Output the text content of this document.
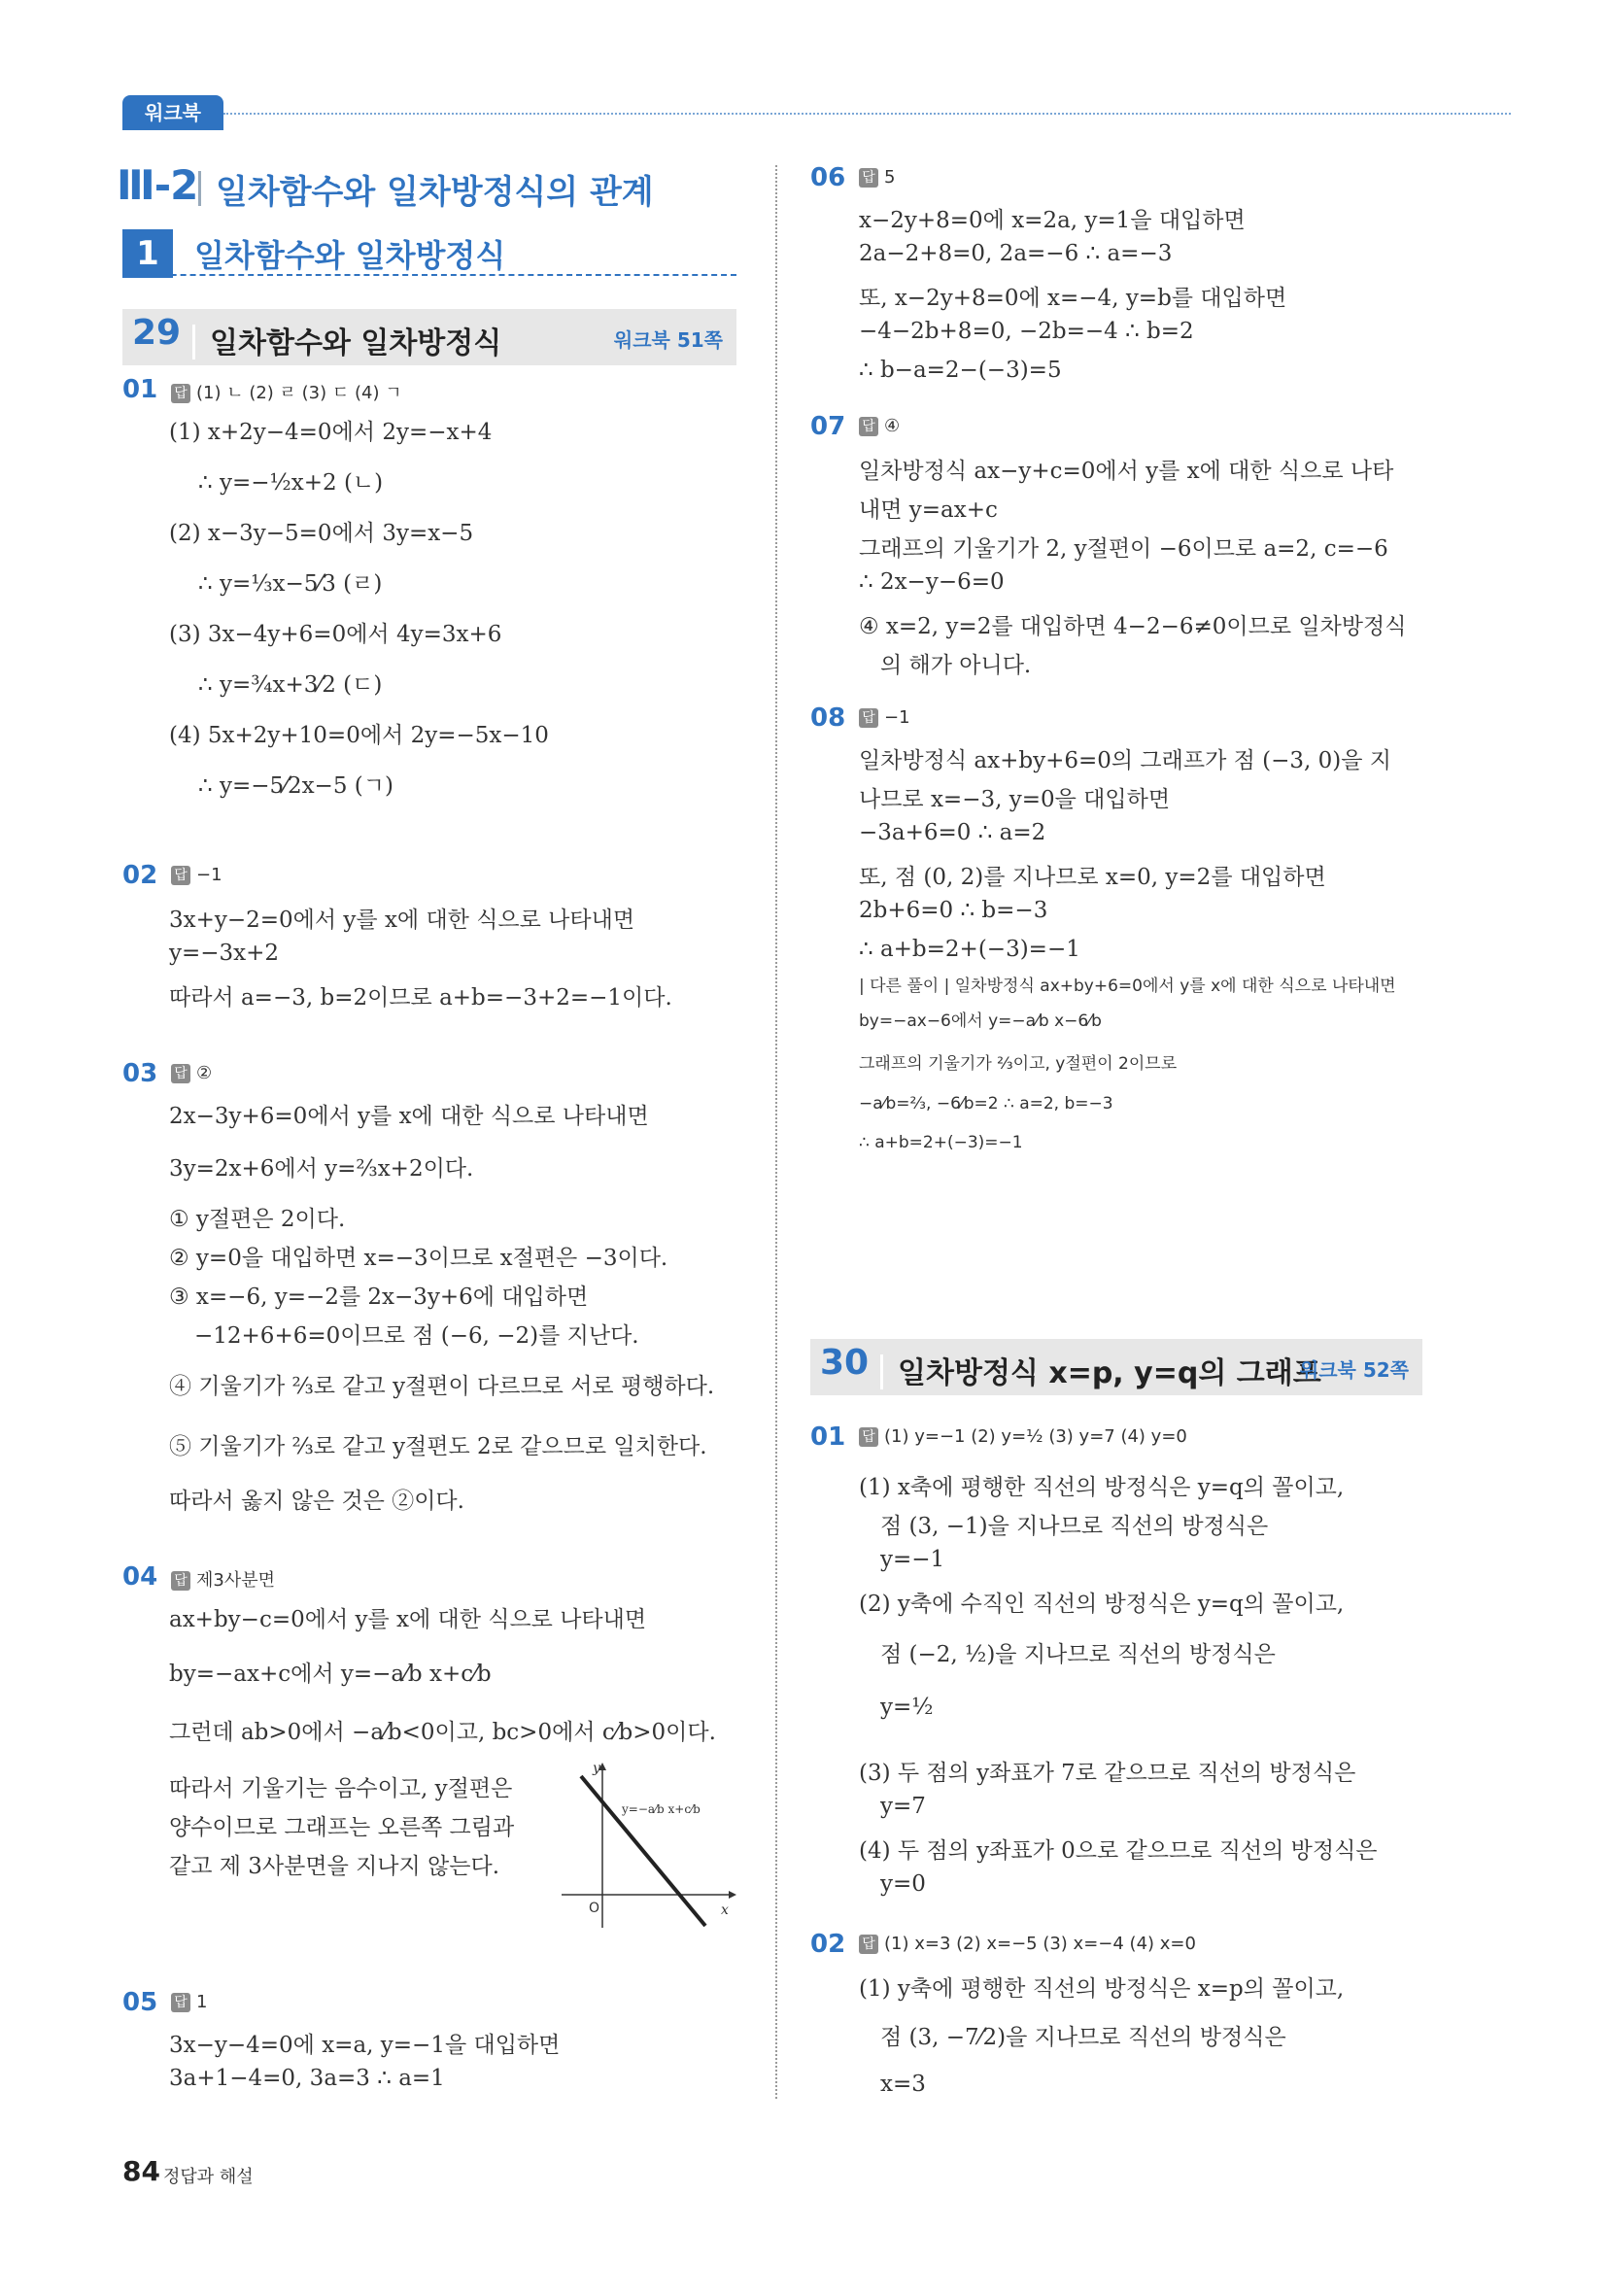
워크북
Ⅲ-2 일차함수와 일차방정식의 관계
1	일차함수와 일차방정식
29 일차함수와 일차방정식	워크북 51쪽
01 답 (1) ㄴ (2) ㄹ (3) ㄷ (4) ㄱ
(1) x+2y−4=0에서 2y=−x+4
∴ y=−½x+2 (ㄴ)
(2) x−3y−5=0에서 3y=x−5
∴ y=⅓x−5⁄3 (ㄹ)
(3) 3x−4y+6=0에서 4y=3x+6
∴ y=¾x+3⁄2 (ㄷ)
(4) 5x+2y+10=0에서 2y=−5x−10
∴ y=−5⁄2x−5 (ㄱ)
02 답 −1
3x+y−2=0에서 y를 x에 대한 식으로 나타내면
y=−3x+2
따라서 a=−3, b=2이므로 a+b=−3+2=−1이다.
03 답 ②
2x−3y+6=0에서 y를 x에 대한 식으로 나타내면
3y=2x+6에서 y=⅔x+2이다.
① y절편은 2이다.
② y=0을 대입하면 x=−3이므로 x절편은 −3이다.
③ x=−6, y=−2를 2x−3y+6에 대입하면
−12+6+6=0이므로 점 (−6, −2)를 지난다.
④ 기울기가 ⅔로 같고 y절편이 다르므로 서로 평행하다.
⑤ 기울기가 ⅔로 같고 y절편도 2로 같으므로 일치한다.
따라서 옳지 않은 것은 ②이다.
04 답 제3사분면
ax+by−c=0에서 y를 x에 대한 식으로 나타내면
by=−ax+c에서 y=−a⁄b x+c⁄b
그런데 ab>0에서 −a⁄b<0이고, bc>0에서 c⁄b>0이다.
따라서 기울기는 음수이고, y절편은
양수이므로 그래프는 오른쪽 그림과
같고 제 3사분면을 지나지 않는다.
y
x
O
y=−a⁄b x+c⁄b
05 답 1
3x−y−4=0에 x=a, y=−1을 대입하면
3a+1−4=0, 3a=3 ∴ a=1
06 답 5
x−2y+8=0에 x=2a, y=1을 대입하면
2a−2+8=0, 2a=−6 ∴ a=−3
또, x−2y+8=0에 x=−4, y=b를 대입하면
−4−2b+8=0, −2b=−4 ∴ b=2
∴ b−a=2−(−3)=5
07 답 ④
일차방정식 ax−y+c=0에서 y를 x에 대한 식으로 나타
내면 y=ax+c
그래프의 기울기가 2, y절편이 −6이므로 a=2, c=−6
∴ 2x−y−6=0
④ x=2, y=2를 대입하면 4−2−6≠0이므로 일차방정식
의 해가 아니다.
08 답 −1
일차방정식 ax+by+6=0의 그래프가 점 (−3, 0)을 지
나므로 x=−3, y=0을 대입하면
−3a+6=0 ∴ a=2
또, 점 (0, 2)를 지나므로 x=0, y=2를 대입하면
2b+6=0 ∴ b=−3
∴ a+b=2+(−3)=−1
| 다른 풀이 | 일차방정식 ax+by+6=0에서 y를 x에 대한 식으로 나타내면
by=−ax−6에서 y=−a⁄b x−6⁄b
그래프의 기울기가 ⅔이고, y절편이 2이므로
−a⁄b=⅔, −6⁄b=2 ∴ a=2, b=−3
∴ a+b=2+(−3)=−1
30 일차방정식 x=p, y=q의 그래프
워크북 52쪽
01 답 (1) y=−1 (2) y=½ (3) y=7 (4) y=0
(1) x축에 평행한 직선의 방정식은 y=q의 꼴이고,
점 (3, −1)을 지나므로 직선의 방정식은
y=−1
(2) y축에 수직인 직선의 방정식은 y=q의 꼴이고,
점 (−2, ½)을 지나므로 직선의 방정식은
y=½
(3) 두 점의 y좌표가 7로 같으므로 직선의 방정식은
y=7
(4) 두 점의 y좌표가 0으로 같으므로 직선의 방정식은
y=0
02 답 (1) x=3 (2) x=−5 (3) x=−4 (4) x=0
(1) y축에 평행한 직선의 방정식은 x=p의 꼴이고,
점 (3, −7⁄2)을 지나므로 직선의 방정식은
x=3
84 정답과 해설
